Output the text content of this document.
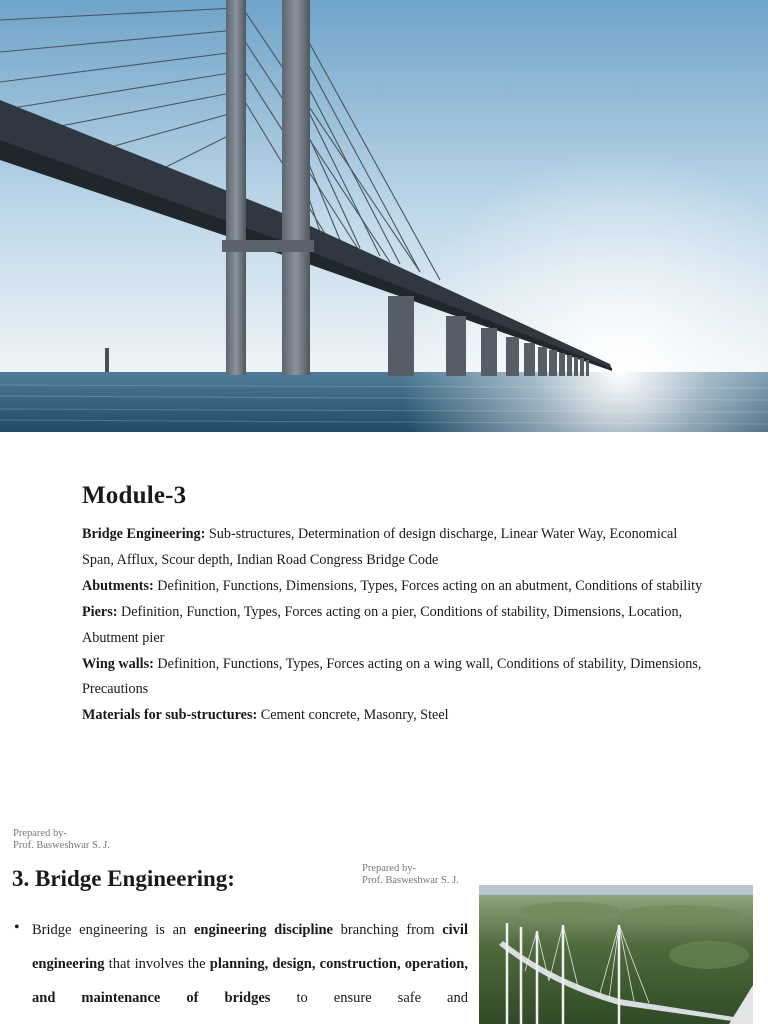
Module-3

Bridge Engineering: Sub-structures, Determination of design discharge, Linear Water Way, Economical Span, Afflux, Scour depth, Indian Road Congress Bridge Code

Abutments: Definition, Functions, Dimensions, Types, Forces acting on an abutment, Conditions of stability

Piers: Definition, Function, Types, Forces acting on a pier, Conditions of stability, Dimensions, Location, Abutment pier

Wing walls: Definition, Functions, Types, Forces acting on a wing wall, Conditions of stability, Dimensions, Precautions

Materials for sub-structures: Cement concrete, Masonry, Steel

Prepared by-
Prof. Basweshwar S. J.
3. Bridge Engineering:	Prepared by-
Prof. Basweshwar S. J.
• Bridge engineering is an engineering discipline branching from civil engineering that involves the planning, design, construction, operation, and maintenance of bridges to ensure safe and
